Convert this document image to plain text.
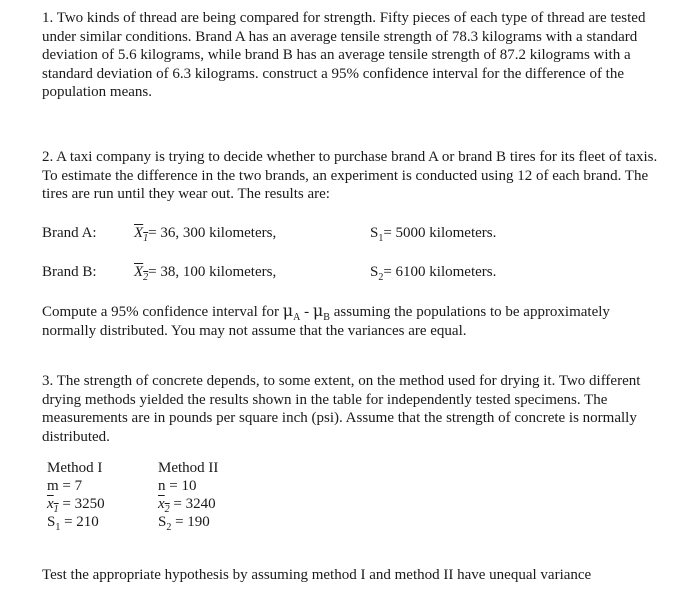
1. Two kinds of thread are being compared for strength. Fifty pieces of each type of thread are tested under similar conditions. Brand A has an average tensile strength of 78.3 kilograms with a standard deviation of 5.6 kilograms, while brand B has an average tensile strength of 87.2 kilograms with a standard deviation of 6.3 kilograms. construct a 95% confidence interval for the difference of the population means.

2. A taxi company is trying to decide whether to purchase brand A or brand B tires for its fleet of taxis. To estimate the difference in the two brands, an experiment is conducted using 12 of each brand. The tires are run until they wear out. The results are:

Brand A: $X_1= 36$, 300 kilometers,	$S_1= 5000$ kilometers.
Brand B: $X_2= 38$, 100 kilometers,	$S_2= 6100$ kilometers.

Compute a 95% confidence interval for $\mu_A - \mu_B$ assuming the populations to be approximately normally distributed. You may not assume that the variances are equal.

3. The strength of concrete depends, to some extent, on the method used for drying it. Two different drying methods yielded the results shown in the table for independently tested specimens. The measurements are in pounds per square inch (psi). Assume that the strength of concrete is normally distributed.

Method I
m = 7
$x_1 = 3250$
$S_1 = 210$
Method II
n = 10
$x_2 = 3240$
$S_2 = 190$

Test the appropriate hypothesis by assuming method I and method II have unequal variance
